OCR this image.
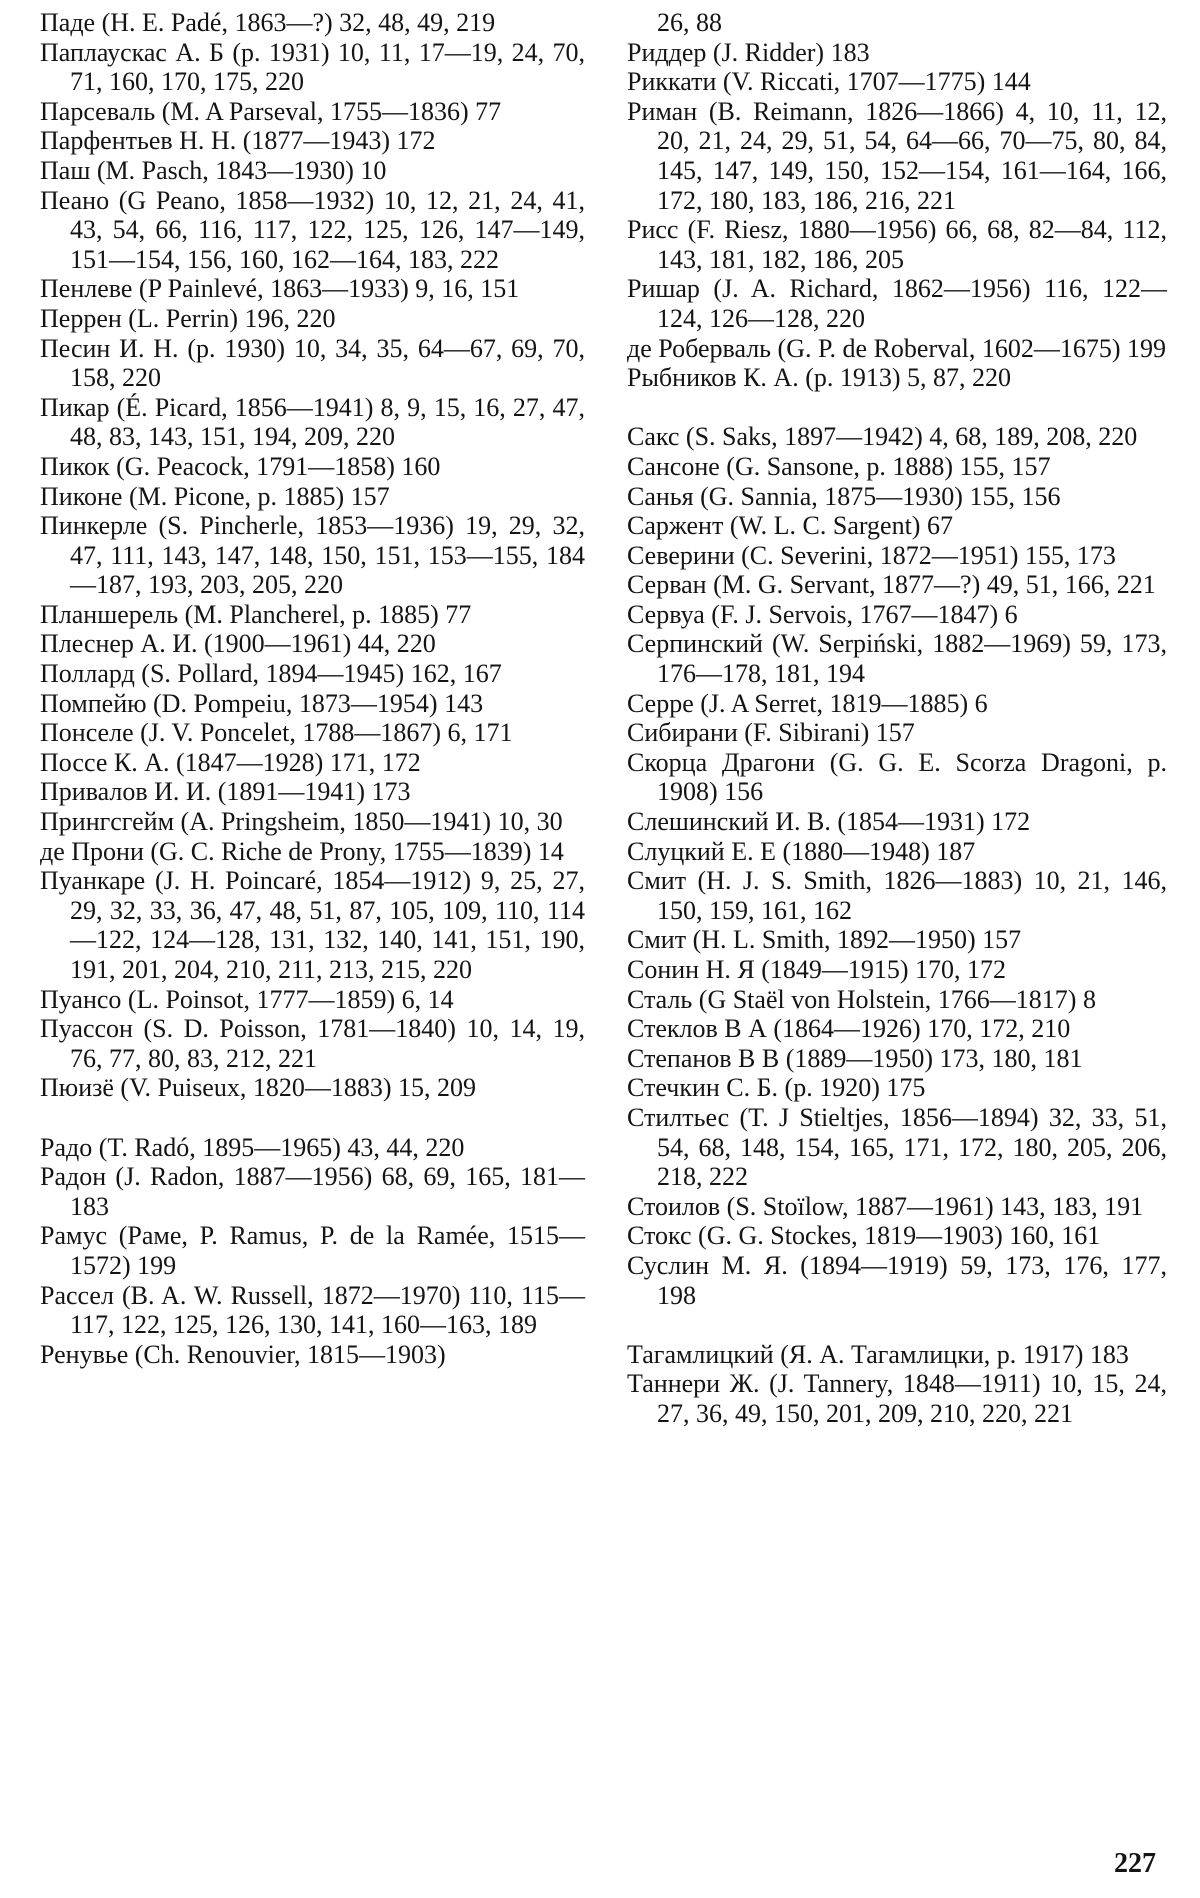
Паде (H. E. Padé, 1863—?) 32, 48, 49, 219
Паплаускас А. Б (р. 1931) 10, 11, 17—19, 24, 70, 71, 160, 170, 175, 220
Парсеваль (M. A Parseval, 1755—1836) 77
Парфентьев Н. Н. (1877—1943) 172
Паш (M. Pasch, 1843—1930) 10
Пеано (G Peano, 1858—1932) 10, 12, 21, 24, 41, 43, 54, 66, 116, 117, 122, 125, 126, 147—149, 151—154, 156, 160, 162—164, 183, 222
Пенлеве (P Painlevé, 1863—1933) 9, 16, 151
Перрен (L. Perrin) 196, 220
Песин И. Н. (р. 1930) 10, 34, 35, 64—67, 69, 70, 158, 220
Пикар (É. Picard, 1856—1941) 8, 9, 15, 16, 27, 47, 48, 83, 143, 151, 194, 209, 220
Пикок (G. Peacock, 1791—1858) 160
Пиконе (M. Picone, р. 1885) 157
Пинкерле (S. Pincherle, 1853—1936) 19, 29, 32, 47, 111, 143, 147, 148, 150, 151, 153—155, 184—187, 193, 203, 205, 220
Планшерель (M. Plancherel, р. 1885) 77
Плеснер А. И. (1900—1961) 44, 220
Поллард (S. Pollard, 1894—1945) 162, 167
Помпейю (D. Pompeiu, 1873—1954) 143
Понселе (J. V. Poncelet, 1788—1867) 6, 171
Поссе К. А. (1847—1928) 171, 172
Привалов И. И. (1891—1941) 173
Прингсгейм (A. Pringsheim, 1850—1941) 10, 30
де Прони (G. C. Riche de Prony, 1755—1839) 14
Пуанкаре (J. H. Poincaré, 1854—1912) 9, 25, 27, 29, 32, 33, 36, 47, 48, 51, 87, 105, 109, 110, 114—122, 124—128, 131, 132, 140, 141, 151, 190, 191, 201, 204, 210, 211, 213, 215, 220
Пуансо (L. Poinsot, 1777—1859) 6, 14
Пуассон (S. D. Poisson, 1781—1840) 10, 14, 19, 76, 77, 80, 83, 212, 221
Пюизё (V. Puiseux, 1820—1883) 15, 209
Радо (T. Radó, 1895—1965) 43, 44, 220
Радон (J. Radon, 1887—1956) 68, 69, 165, 181—183
Рамус (Раме, P. Ramus, P. de la Ramée, 1515—1572) 199
Рассел (B. A. W. Russell, 1872—1970) 110, 115—117, 122, 125, 126, 130, 141, 160—163, 189
Ренувье (Ch. Renouvier, 1815—1903)
26, 88
Риддер (J. Ridder) 183
Риккати (V. Riccati, 1707—1775) 144
Риман (B. Reimann, 1826—1866) 4, 10, 11, 12, 20, 21, 24, 29, 51, 54, 64—66, 70—75, 80, 84, 145, 147, 149, 150, 152—154, 161—164, 166, 172, 180, 183, 186, 216, 221
Рисс (F. Riesz, 1880—1956) 66, 68, 82—84, 112, 143, 181, 182, 186, 205
Ришар (J. A. Richard, 1862—1956) 116, 122—124, 126—128, 220
де Роберваль (G. P. de Roberval, 1602—1675) 199
Рыбников К. А. (р. 1913) 5, 87, 220
Сакс (S. Saks, 1897—1942) 4, 68, 189, 208, 220
Сансоне (G. Sansone, р. 1888) 155, 157
Санья (G. Sannia, 1875—1930) 155, 156
Саржент (W. L. C. Sargent) 67
Северини (C. Severini, 1872—1951) 155, 173
Серван (M. G. Servant, 1877—?) 49, 51, 166, 221
Сервуа (F. J. Servois, 1767—1847) 6
Серпинский (W. Serpiński, 1882—1969) 59, 173, 176—178, 181, 194
Серре (J. A Serret, 1819—1885) 6
Сибирани (F. Sibirani) 157
Скорца Драгони (G. G. E. Scorza Dragoni, р. 1908) 156
Слешинский И. В. (1854—1931) 172
Слуцкий Е. Е (1880—1948) 187
Смит (H. J. S. Smith, 1826—1883) 10, 21, 146, 150, 159, 161, 162
Смит (H. L. Smith, 1892—1950) 157
Сонин Н. Я (1849—1915) 170, 172
Сталь (G Staël von Holstein, 1766—1817) 8
Стеклов В А (1864—1926) 170, 172, 210
Степанов В В (1889—1950) 173, 180, 181
Стечкин С. Б. (р. 1920) 175
Стилтьес (T. J Stieltjes, 1856—1894) 32, 33, 51, 54, 68, 148, 154, 165, 171, 172, 180, 205, 206, 218, 222
Стоилов (S. Stoïlow, 1887—1961) 143, 183, 191
Стокс (G. G. Stockes, 1819—1903) 160, 161
Суслин М. Я. (1894—1919) 59, 173, 176, 177, 198
Тагамлицкий (Я. А. Тагамлицки, р. 1917) 183
Таннери Ж. (J. Tannery, 1848—1911) 10, 15, 24, 27, 36, 49, 150, 201, 209, 210, 220, 221
227
